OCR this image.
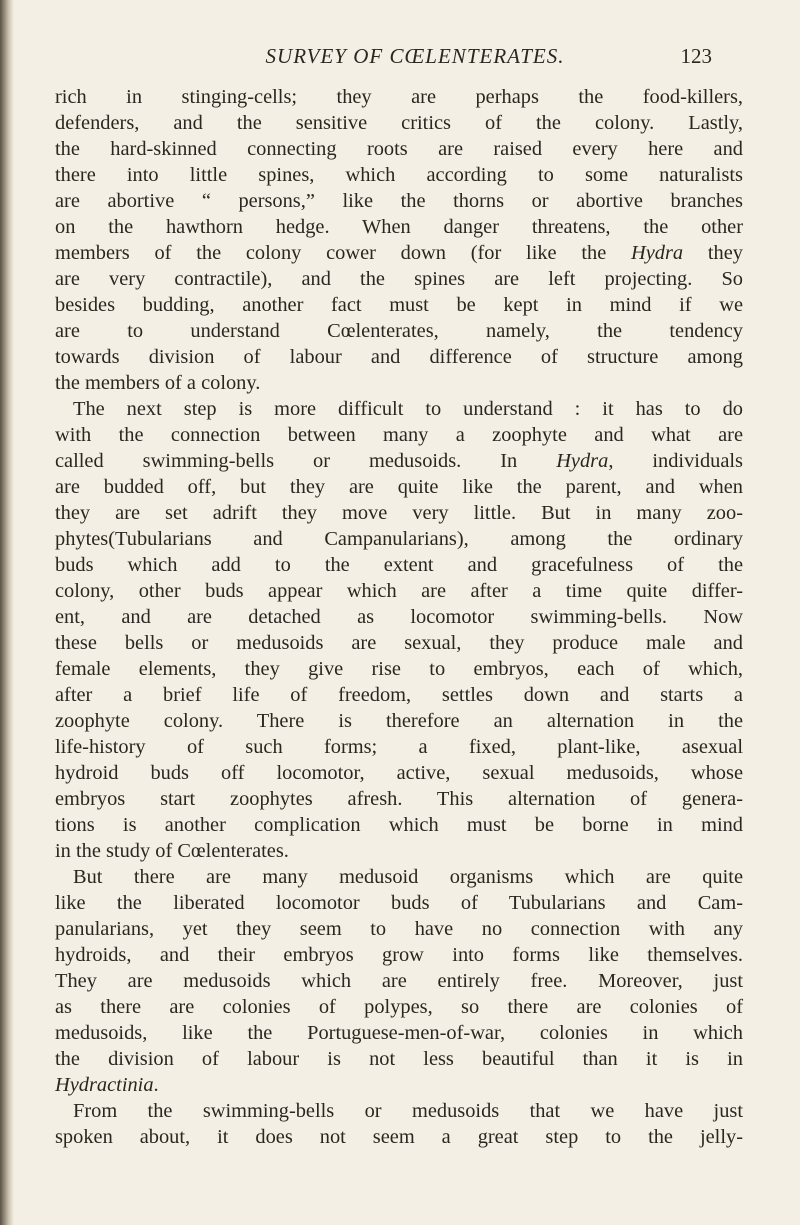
SURVEY OF CŒLENTERATES.	123
rich in stinging-cells; they are perhaps the food-killers,
defenders, and the sensitive critics of the colony. Lastly,
the hard-skinned connecting roots are raised every here and
there into little spines, which according to some naturalists
are abortive “ persons,” like the thorns or abortive branches
on the hawthorn hedge. When danger threatens, the other
members of the colony cower down (for like the Hydra they
are very contractile), and the spines are left projecting. So
besides budding, another fact must be kept in mind if we
are to understand Cœlenterates, namely, the tendency
towards division of labour and difference of structure among
the members of a colony.
The next step is more difficult to understand : it has to do
with the connection between many a zoophyte and what are
called swimming-bells or medusoids. In Hydra, individuals
are budded off, but they are quite like the parent, and when
they are set adrift they move very little. But in many zoo-
phytes(Tubularians and Campanularians), among the ordinary
buds which add to the extent and gracefulness of the
colony, other buds appear which are after a time quite differ-
ent, and are detached as locomotor swimming-bells. Now
these bells or medusoids are sexual, they produce male and
female elements, they give rise to embryos, each of which,
after a brief life of freedom, settles down and starts a
zoophyte colony. There is therefore an alternation in the
life-history of such forms; a fixed, plant-like, asexual
hydroid buds off locomotor, active, sexual medusoids, whose
embryos start zoophytes afresh. This alternation of genera-
tions is another complication which must be borne in mind
in the study of Cœlenterates.
But there are many medusoid organisms which are quite
like the liberated locomotor buds of Tubularians and Cam-
panularians, yet they seem to have no connection with any
hydroids, and their embryos grow into forms like themselves.
They are medusoids which are entirely free. Moreover, just
as there are colonies of polypes, so there are colonies of
medusoids, like the Portuguese-men-of-war, colonies in which
the division of labour is not less beautiful than it is in
Hydractinia.
From the swimming-bells or medusoids that we have just
spoken about, it does not seem a great step to the jelly-
